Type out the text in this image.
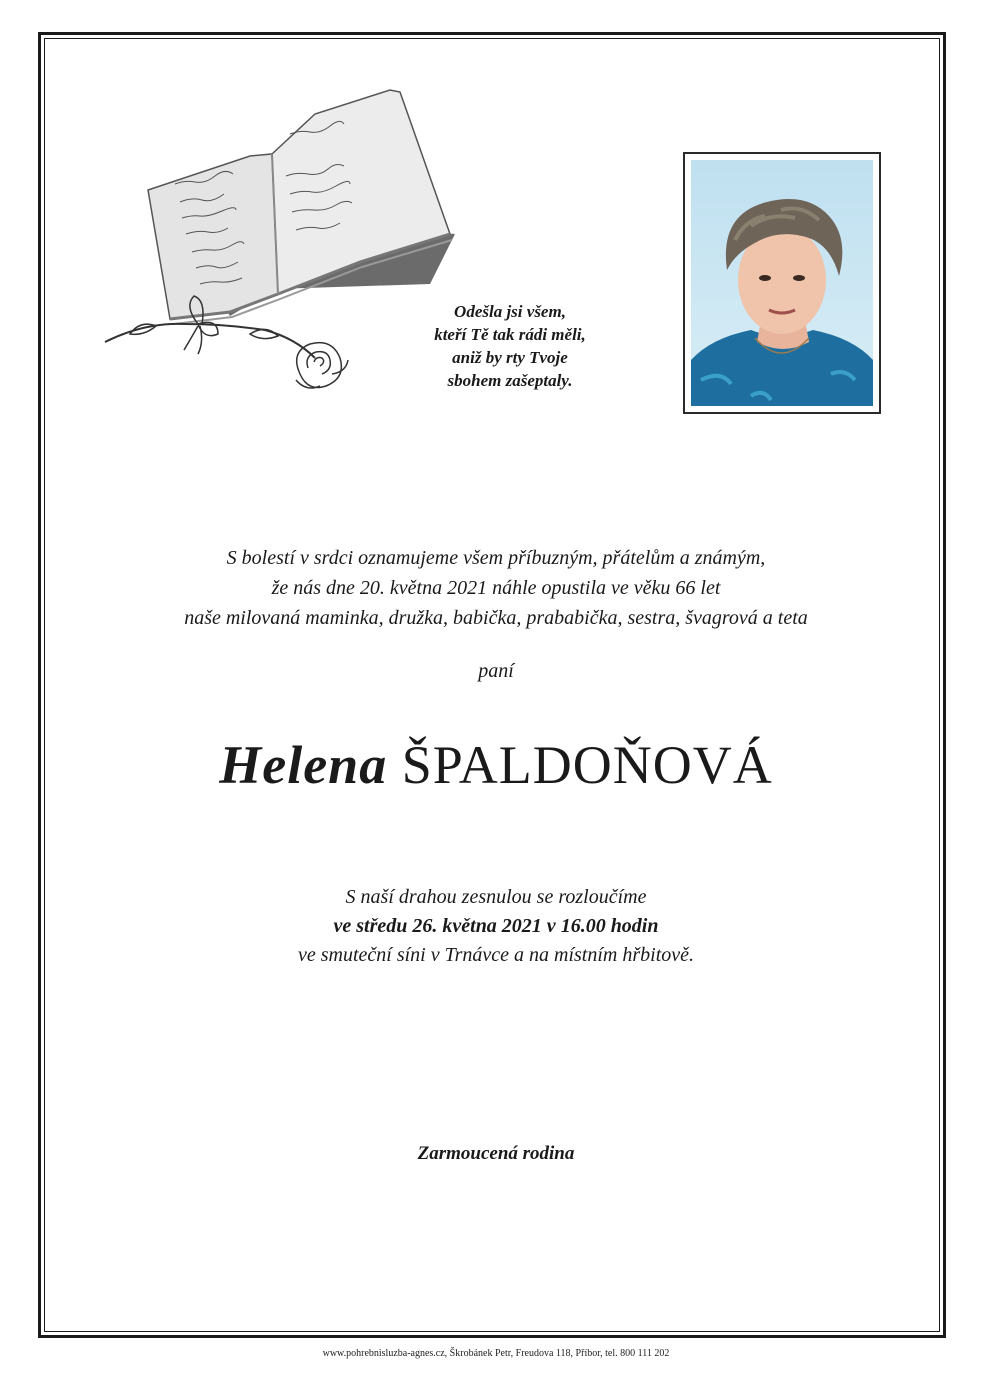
Odešla jsi všem,
kteří Tě tak rádi měli,
aniž by rty Tvoje
sbohem zašeptaly.
S bolestí v srdci oznamujeme všem příbuzným, přátelům a známým,
že nás dne 20. května 2021 náhle opustila ve věku 66 let
naše milovaná maminka, družka, babička, prababička, sestra, švagrová a teta
paní
Helena ŠPALDOŇOVÁ
S naší drahou zesnulou se rozloučíme
ve středu 26. května 2021 v 16.00 hodin
ve smuteční síni v Trnávce a na místním hřbitově.
Zarmoucená rodina
www.pohrebnisluzba-agnes.cz, Škrobánek Petr, Freudova 118, Příbor, tel. 800 111 202
